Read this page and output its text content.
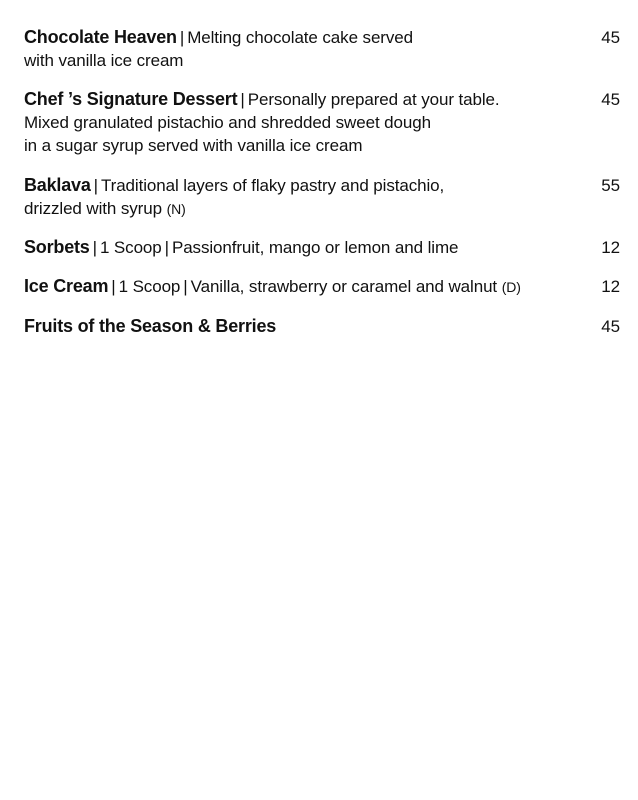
Chocolate Heaven | Melting chocolate cake served
with vanilla ice cream
45
Chef ’s Signature Dessert | Personally prepared at your table.
Mixed granulated pistachio and shredded sweet dough
in a sugar syrup served with vanilla ice cream
45
Baklava | Traditional layers of flaky pastry and pistachio,
drizzled with syrup (N)
55
Sorbets | 1 Scoop | Passionfruit, mango or lemon and lime	12
Ice Cream | 1 Scoop | Vanilla, strawberry or caramel and walnut (D)	12
Fruits of the Season & Berries	45
